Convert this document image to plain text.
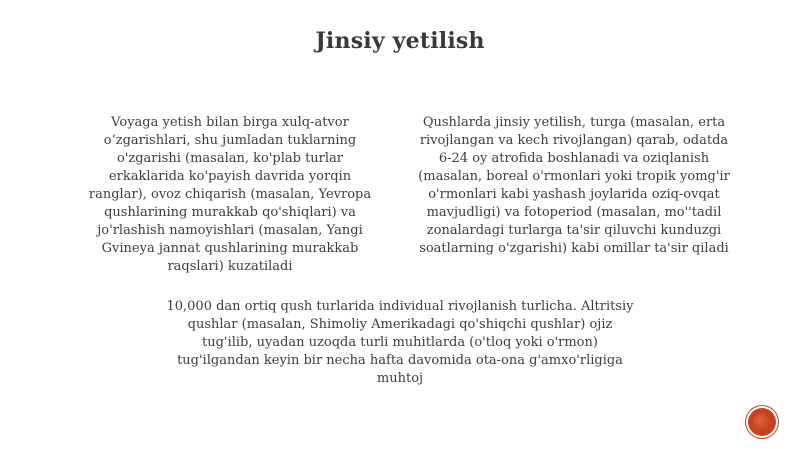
Jinsiy yetilish
Voyaga yetish bilan birga xulq-atvor
o‘zgarishlari, shu jumladan tuklarning
o'zgarishi (masalan, ko'plab turlar
erkaklarida ko'payish davrida yorqin
ranglar), ovoz chiqarish (masalan, Yevropa
qushlarining murakkab qo'shiqlari) va
jo'rlashish namoyishlari (masalan, Yangi
Gvineya jannat qushlarining murakkab
raqslari) kuzatiladi
Qushlarda jinsiy yetilish, turga (masalan, erta
rivojlangan va kech rivojlangan) qarab, odatda
6-24 oy atrofida boshlanadi va oziqlanish
(masalan, boreal o'rmonlari yoki tropik yomg'ir
o'rmonlari kabi yashash joylarida oziq-ovqat
mavjudligi) va fotoperiod (masalan, mo''tadil
zonalardagi turlarga ta'sir qiluvchi kunduzgi
soatlarning o'zgarishi) kabi omillar ta'sir qiladi
10,000 dan ortiq qush turlarida individual rivojlanish turlicha. Altritsiy
qushlar (masalan, Shimoliy Amerikadagi qo'shiqchi qushlar) ojiz
tug'ilib, uyadan uzoqda turli muhitlarda (o'tloq yoki o'rmon)
tug'ilgandan keyin bir necha hafta davomida ota-ona g'amxo'rligiga
muhtoj
